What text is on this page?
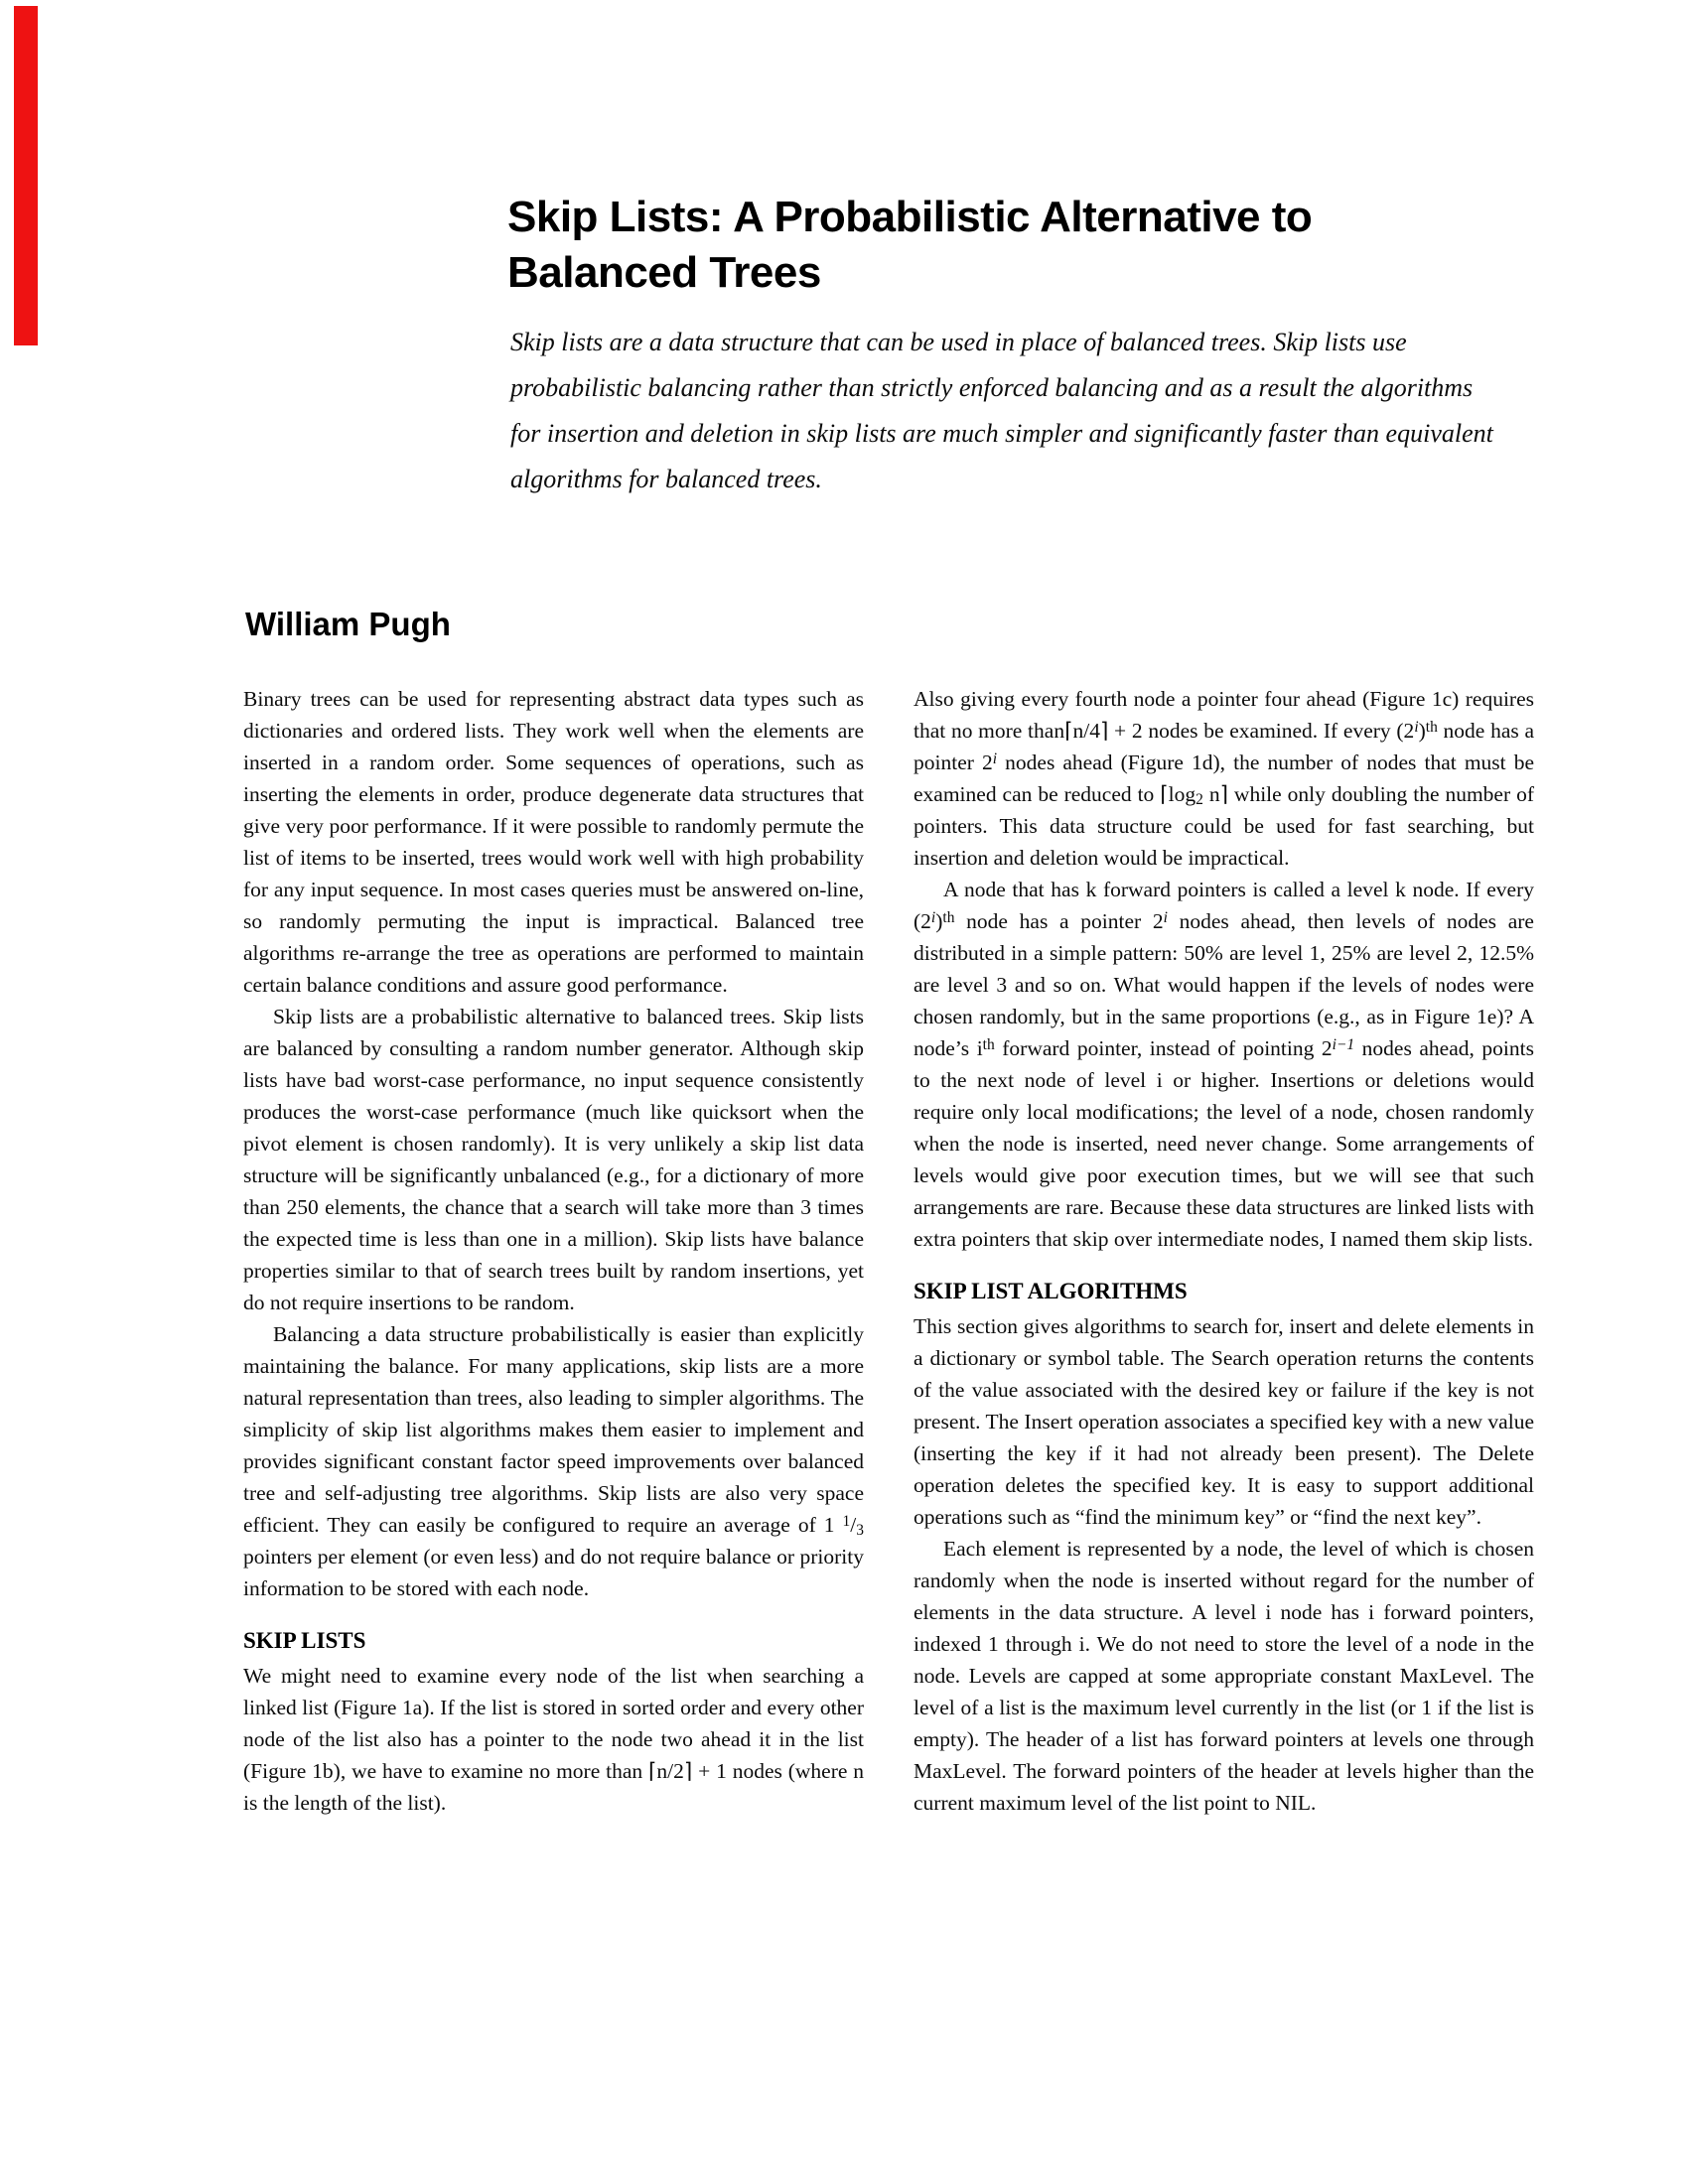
Skip Lists: A Probabilistic Alternative to
Balanced Trees
Skip lists are a data structure that can be used in place of balanced trees. Skip lists use probabilistic balancing rather than strictly enforced balancing and as a result the algorithms for insertion and deletion in skip lists are much simpler and significantly faster than equivalent algorithms for balanced trees.
William Pugh

Binary trees can be used for representing abstract data types such as dictionaries and ordered lists. They work well when the elements are inserted in a random order. Some sequences of operations, such as inserting the elements in order, produce degenerate data structures that give very poor performance. If it were possible to randomly permute the list of items to be inserted, trees would work well with high probability for any input sequence. In most cases queries must be answered on-line, so randomly permuting the input is impractical. Balanced tree algorithms re-arrange the tree as operations are performed to maintain certain balance conditions and assure good performance.

Skip lists are a probabilistic alternative to balanced trees. Skip lists are balanced by consulting a random number generator. Although skip lists have bad worst-case performance, no input sequence consistently produces the worst-case performance (much like quicksort when the pivot element is chosen randomly). It is very unlikely a skip list data structure will be significantly unbalanced (e.g., for a dictionary of more than 250 elements, the chance that a search will take more than 3 times the expected time is less than one in a million). Skip lists have balance properties similar to that of search trees built by random insertions, yet do not require insertions to be random.

Balancing a data structure probabilistically is easier than explicitly maintaining the balance. For many applications, skip lists are a more natural representation than trees, also leading to simpler algorithms. The simplicity of skip list algorithms makes them easier to implement and provides significant constant factor speed improvements over balanced tree and self-adjusting tree algorithms. Skip lists are also very space efficient. They can easily be configured to require an average of 1 $^1$/3 pointers per element (or even less) and do not require balance or priority information to be stored with each node.

SKIP LISTS

We might need to examine every node of the list when searching a linked list (Figure 1a). If the list is stored in sorted order and every other node of the list also has a pointer to the node two ahead it in the list (Figure 1b), we have to examine no more than ⌈n/2⌉ + 1 nodes (where n is the length of the list).

Also giving every fourth node a pointer four ahead (Figure 1c) requires that no more than⌈n/4⌉ + 2 nodes be examined. If every $(2^i)^{th}$ node has a pointer 2$^i$ nodes ahead (Figure 1d), the number of nodes that must be examined can be reduced to ⌈log2 n⌉ while only doubling the number of pointers. This data structure could be used for fast searching, but insertion and deletion would be impractical.

A node that has k forward pointers is called a level k node. If every $(2^i)^{th}$ node has a pointer 2$^i$ nodes ahead, then levels of nodes are distributed in a simple pattern: 50% are level 1, 25% are level 2, 12.5% are level 3 and so on. What would happen if the levels of nodes were chosen randomly, but in the same proportions (e.g., as in Figure 1e)? A node’s $i^{th}$ forward pointer, instead of pointing $2^{i-1}$ nodes ahead, points to the next node of level i or higher. Insertions or deletions would require only local modifications; the level of a node, chosen randomly when the node is inserted, need never change. Some arrangements of levels would give poor execution times, but we will see that such arrangements are rare. Because these data structures are linked lists with extra pointers that skip over intermediate nodes, I named them skip lists.

SKIP LIST ALGORITHMS

This section gives algorithms to search for, insert and delete elements in a dictionary or symbol table. The Search operation returns the contents of the value associated with the desired key or failure if the key is not present. The Insert operation associates a specified key with a new value (inserting the key if it had not already been present). The Delete operation deletes the specified key. It is easy to support additional operations such as “find the minimum key” or “find the next key”.

Each element is represented by a node, the level of which is chosen randomly when the node is inserted without regard for the number of elements in the data structure. A level i node has i forward pointers, indexed 1 through i. We do not need to store the level of a node in the node. Levels are capped at some appropriate constant MaxLevel. The level of a list is the maximum level currently in the list (or 1 if the list is empty). The header of a list has forward pointers at levels one through MaxLevel. The forward pointers of the header at levels higher than the current maximum level of the list point to NIL.
